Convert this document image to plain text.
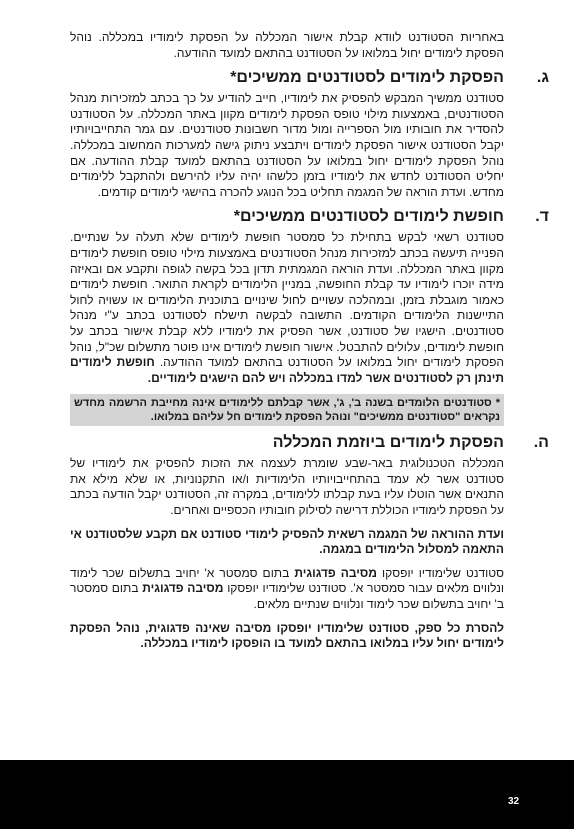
באחריות הסטודנט לוודא קבלת אישור המכללה על הפסקת לימודיו במכללה. נוהל הפסקת לימודים יחול במלואו על הסטודנט בהתאם למועד ההודעה.

ג.
הפסקת לימודים לסטודנטים ממשיכים*

סטודנט ממשיך המבקש להפסיק את לימודיו, חייב להודיע על כך בכתב למזכירות מנהל הסטודנטים, באמצעות מילוי טופס הפסקת לימודים מקוון באתר המכללה. על הסטודנט להסדיר את חובותיו מול הספרייה ומול מדור חשבונות סטודנטים. עם גמר התחייבויותיו יקבל הסטודנט אישור הפסקת לימודים ויתבצע ניתוק גישה למערכות המחשוב במכללה. נוהל הפסקת לימודים יחול במלואו על הסטודנט בהתאם למועד קבלת ההודעה. אם יחליט הסטודנט לחדש את לימודיו בזמן כלשהו יהיה עליו להירשם ולהתקבל ללימודים מחדש. ועדת הוראה של המגמה תחליט בכל הנוגע להכרה בהישגי לימודים קודמים.

ד.
חופשת לימודים לסטודנטים ממשיכים*

סטודנט רשאי לבקש בתחילת כל סמסטר חופשת לימודים שלא תעלה על שנתיים. הפנייה תיעשה בכתב למזכירות מנהל הסטודנטים באמצעות מילוי טופס חופשת לימודים מקוון באתר המכללה. ועדת הוראה המגמתית תדון בכל בקשה לגופה ותקבע אם ובאיזה מידה יוכרו לימודיו עד קבלת החופשה, במניין הלימודים לקראת התואר. חופשת לימודים כאמור מוגבלת בזמן, ובמהלכה עשויים לחול שינויים בתוכנית הלימודים או עשויה לחול התיישנות הלימודים הקודמים. התשובה לבקשה תישלח לסטודנט בכתב ע"י מנהל סטודנטים. הישגיו של סטודנט, אשר הפסיק את לימודיו ללא קבלת אישור בכתב על חופשת לימודים, עלולים להתבטל. אישור חופשת לימודים אינו פוטר מתשלום שכ"ל, נוהל הפסקת לימודים יחול במלואו על הסטודנט בהתאם למועד ההודעה. חופשת לימודים תינתן רק לסטודנטים אשר למדו במכללה ויש להם הישגים לימודיים.

* סטודנטים הלומדים בשנה ב', ג', אשר קבלתם ללימודים אינה מחייבת הרשמה מחדש נקראים "סטודנטים ממשיכים" ונוהל הפסקת לימודים חל עליהם במלואו.
ה.
הפסקת לימודים ביוזמת המכללה

המכללה הטכנולוגית באר-שבע שומרת לעצמה את הזכות להפסיק את לימודיו של סטודנט אשר לא עמד בהתחייבויותיו הלימודיות ו/או התקנוניות, או שלא מילא את התנאים אשר הוטלו עליו בעת קבלתו ללימודים, במקרה זה, הסטודנט יקבל הודעה בכתב על הפסקת לימודיו הכוללת דרישה לסילוק חובותיו הכספיים ואחרים.

ועדת ההוראה של המגמה רשאית להפסיק לימודי סטודנט אם תקבע שלסטודנט אי התאמה למסלול הלימודים במגמה.

סטודנט שלימודיו יופסקו מסיבה פדגוגית בתום סמסטר א' יחויב בתשלום שכר לימוד ונלווים מלאים עבור סמסטר א'. סטודנט שלימודיו יופסקו מסיבה פדגוגית בתום סמסטר ב' יחויב בתשלום שכר לימוד ונלווים שנתיים מלאים.

להסרת כל ספק, סטודנט שלימודיו יופסקו מסיבה שאינה פדגוגית, נוהל הפסקת לימודים יחול עליו במלואו בהתאם למועד בו הופסקו לימודיו במכללה.

32
